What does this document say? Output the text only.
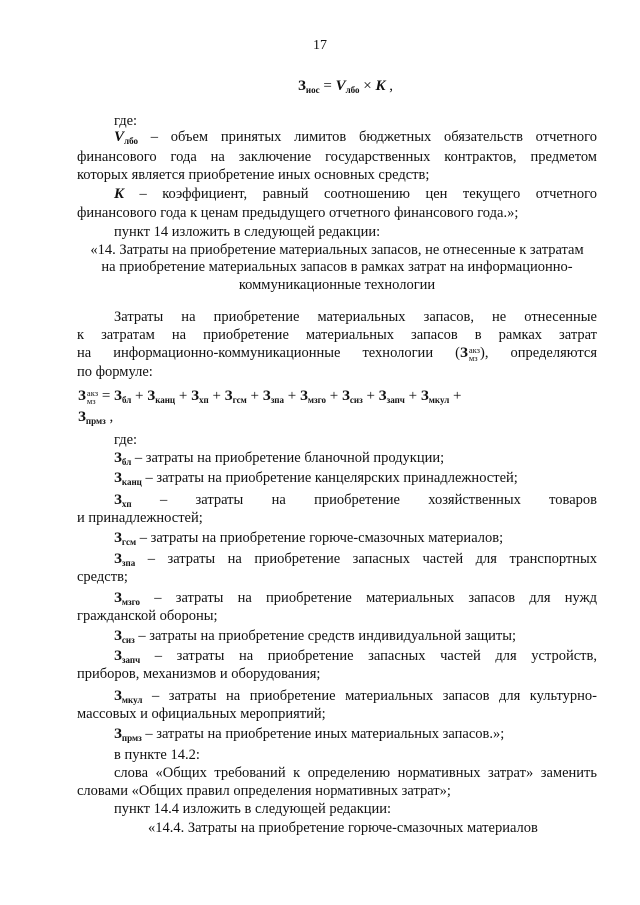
17
$З_{иос} = V_{лбо} \times K$ ,
где:
$V_{лбо}$ – объем принятых лимитов бюджетных обязательств отчетного
финансового года на заключение государственных контрактов, предметом
которых является приобретение иных основных средств;
K – коэффициент, равный соотношению цен текущего отчетного
финансового года к ценам предыдущего отчетного финансового года.»;
пункт 14 изложить в следующей редакции:
«14. Затраты на приобретение материальных запасов, не отнесенные к затратам
на приобретение материальных запасов в рамках затрат на информационно-
коммуникационные технологии
Затраты на приобретение материальных запасов, не отнесенные
к затратам на приобретение материальных запасов в рамках затрат
на информационно-коммуникационные технологии (З акз
мз ), определяются
по формуле:
З акз
мз = $З_{бл} + З_{канц} + З_{хп} + З_{гсм} + З_{зпа} + З_{мзго} + З_{сиз} + З_{запч} + З_{мкул}$ +
$З_{прмз}$ ,
где:
$З_{бл}$ – затраты на приобретение бланочной продукции;
$З_{канц}$ – затраты на приобретение канцелярских принадлежностей;
$З_{хп}$ – затраты на приобретение хозяйственных товаров
и принадлежностей;
$З_{гсм}$ – затраты на приобретение горюче-смазочных материалов;
$З_{зпа}$ – затраты на приобретение запасных частей для транспортных
средств;
$З_{мзго}$ – затраты на приобретение материальных запасов для нужд
гражданской обороны;
$З_{сиз}$ – затраты на приобретение средств индивидуальной защиты;
$З_{запч}$ – затраты на приобретение запасных частей для устройств,
приборов, механизмов и оборудования;
$З_{мкул}$ – затраты на приобретение материальных запасов для культурно-
массовых и официальных мероприятий;
$З_{прмз}$ – затраты на приобретение иных материальных запасов.»;
в пункте 14.2:
слова «Общих требований к определению нормативных затрат» заменить
словами «Общих правил определения нормативных затрат»;
пункт 14.4 изложить в следующей редакции:
«14.4. Затраты на приобретение горюче-смазочных материалов
